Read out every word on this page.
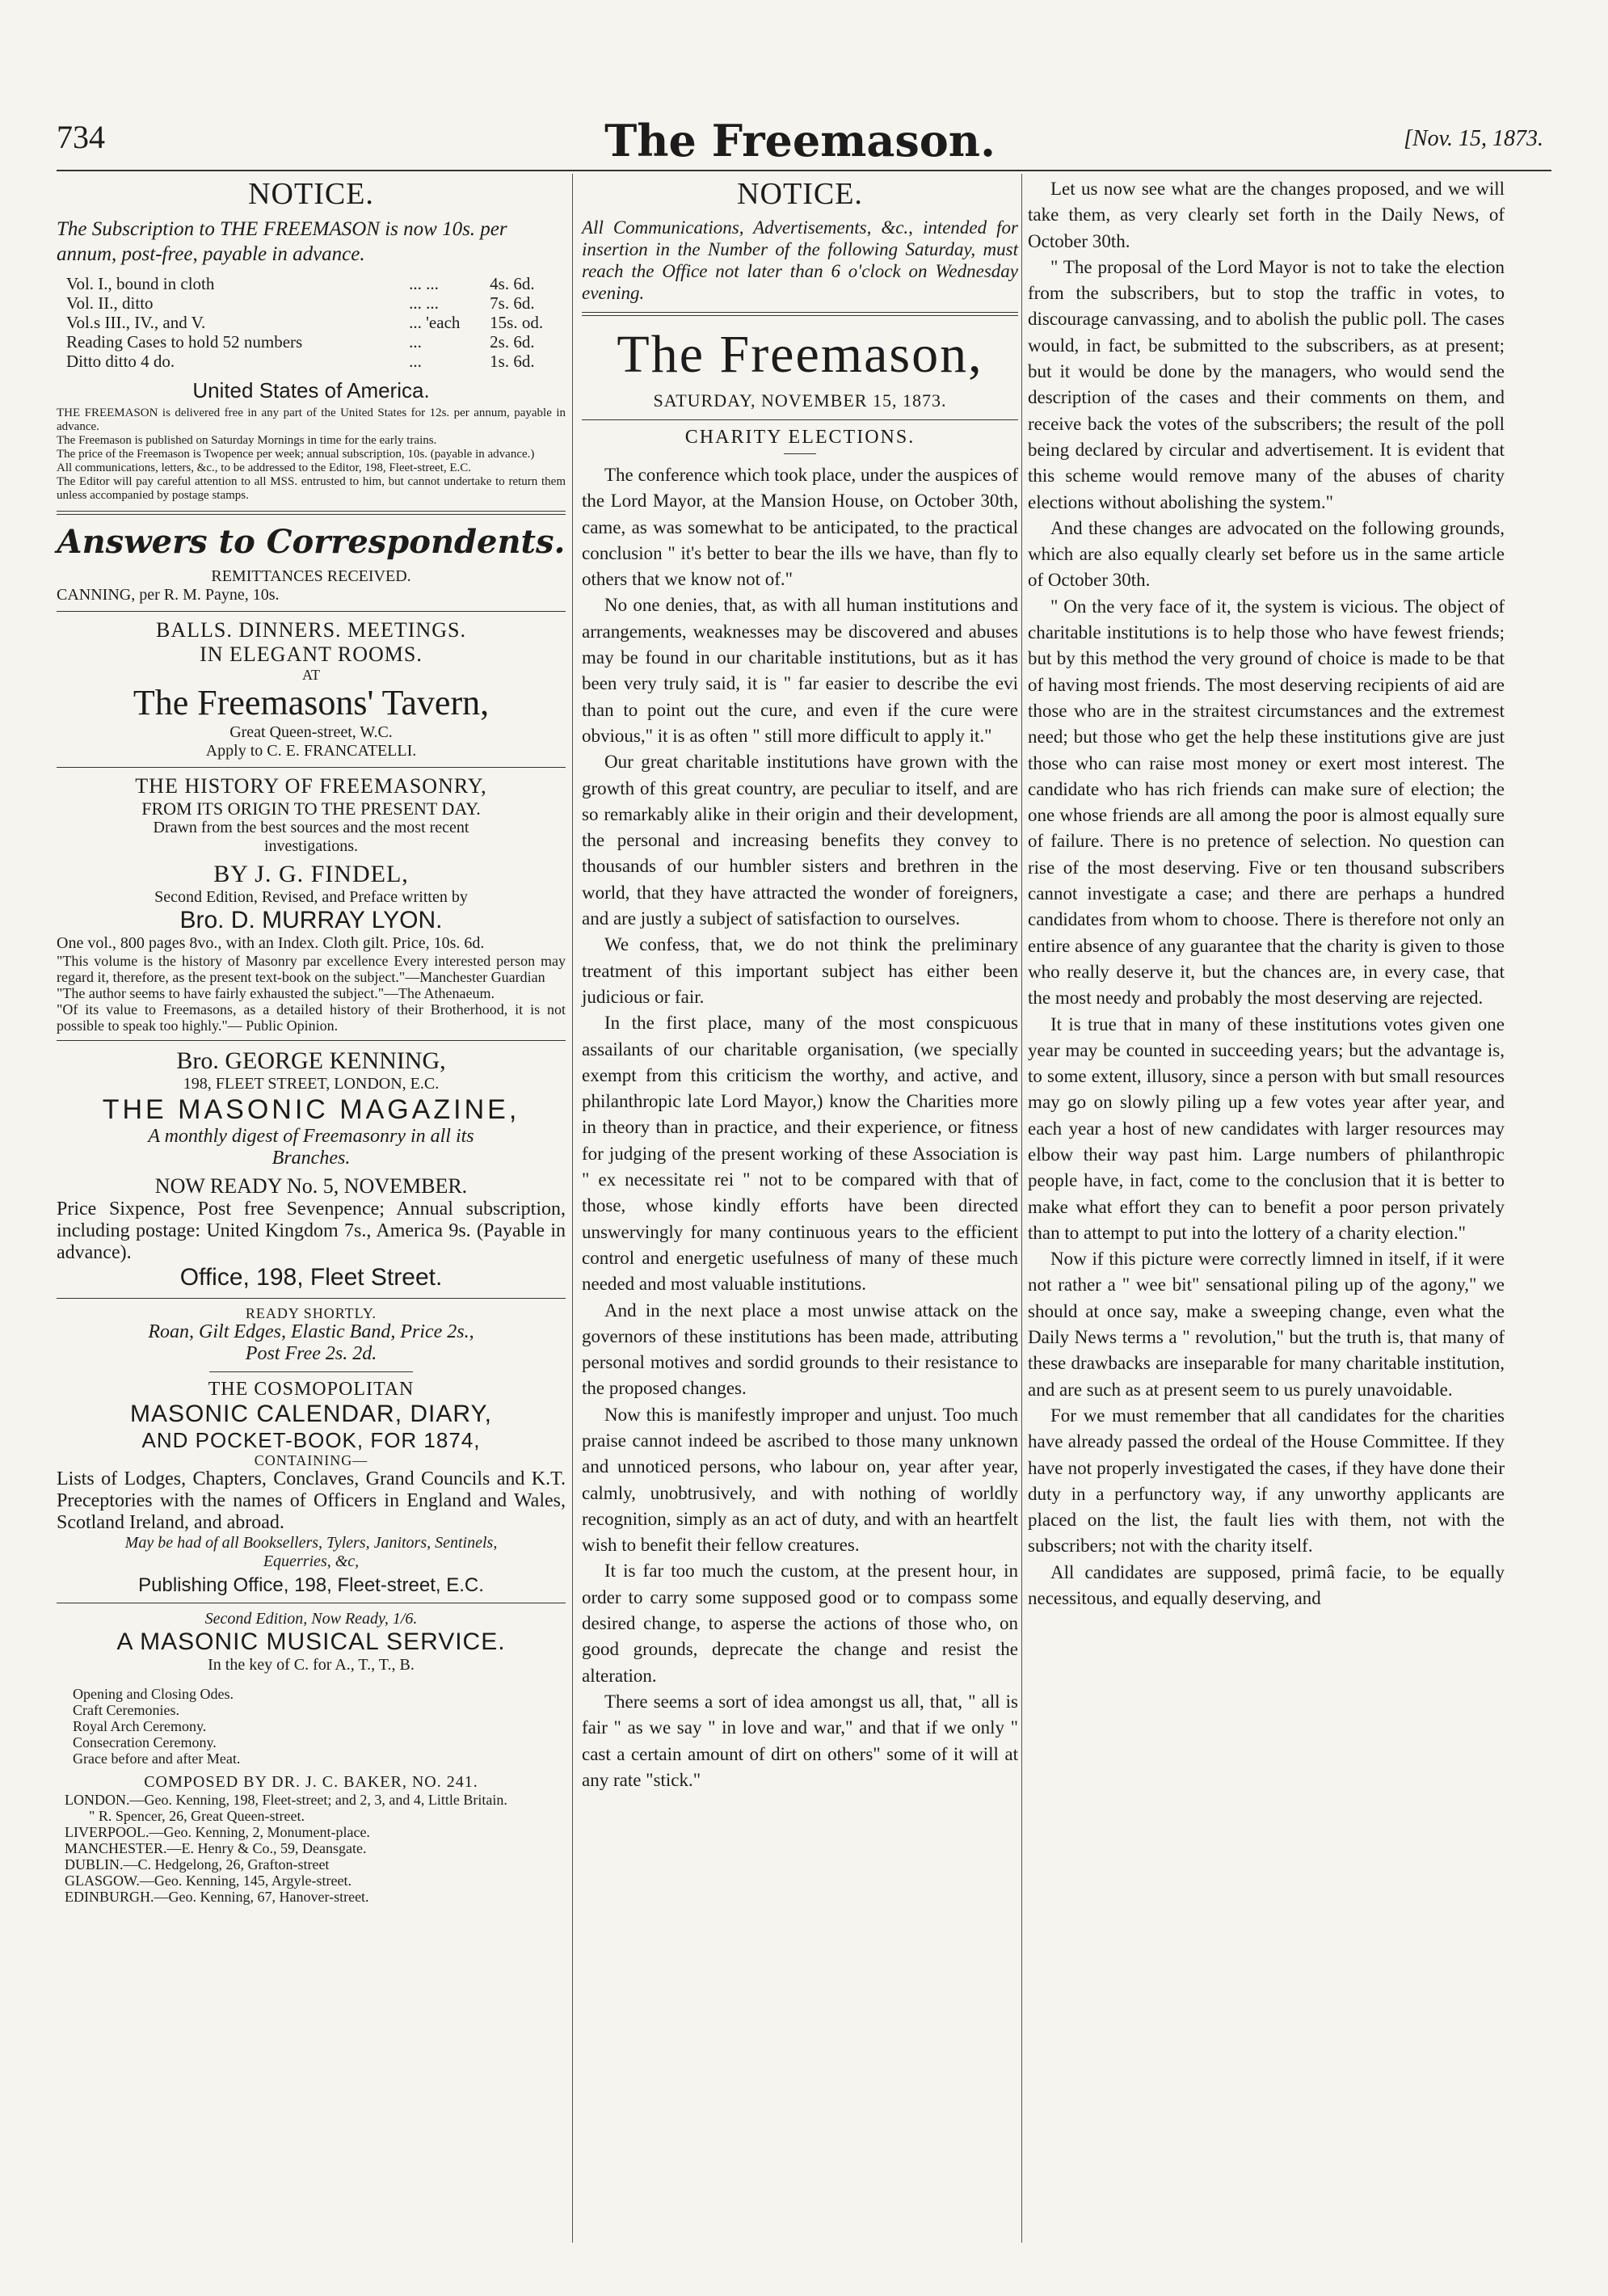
734	The Freemason.	[Nov. 15, 1873.
NOTICE.

The Subscription to THE FREEMASON is now 10s. per annum, post-free, payable in advance.

Vol. I., bound in cloth	... ...	4s. 6d.
Vol. II., ditto	... ...	7s. 6d.
Vol.s III., IV., and V.	... 'each	15s. od.
Reading Cases to hold 52 numbers	...	2s. 6d.
Ditto ditto 4 do.	...	1s. 6d.
United States of America.

THE FREEMASON is delivered free in any part of the United States for 12s. per annum, payable in advance.

The Freemason is published on Saturday Mornings in time for the early trains.

The price of the Freemason is Twopence per week; annual subscription, 10s. (payable in advance.)

All communications, letters, &c., to be addressed to the Editor, 198, Fleet-street, E.C.

The Editor will pay careful attention to all MSS. entrusted to him, but cannot undertake to return them unless accompanied by postage stamps.

Answers to Correspondents.

REMITTANCES RECEIVED.

CANNING, per R. M. Payne, 10s.

BALLS. DINNERS. MEETINGS.

IN ELEGANT ROOMS.

AT

The Freemasons' Tavern,

Great Queen-street, W.C.

Apply to C. E. FRANCATELLI.

THE HISTORY OF FREEMASONRY,

FROM ITS ORIGIN TO THE PRESENT DAY.

Drawn from the best sources and the most recent

investigations.

BY J. G. FINDEL,

Second Edition, Revised, and Preface written by

Bro. D. MURRAY LYON.

One vol., 800 pages 8vo., with an Index. Cloth gilt. Price, 10s. 6d.

"This volume is the history of Masonry par excellence Every interested person may regard it, therefore, as the present text-book on the subject."—Manchester Guardian

"The author seems to have fairly exhausted the subject."—The Athenaeum.

"Of its value to Freemasons, as a detailed history of their Brotherhood, it is not possible to speak too highly."— Public Opinion.

Bro. GEORGE KENNING,

198, FLEET STREET, LONDON, E.C.

THE MASONIC MAGAZINE,

A monthly digest of Freemasonry in all its

Branches.

NOW READY No. 5, NOVEMBER.

Price Sixpence, Post free Sevenpence; Annual subscription, including postage: United Kingdom 7s., America 9s. (Payable in advance).

Office, 198, Fleet Street.

READY SHORTLY.

Roan, Gilt Edges, Elastic Band, Price 2s.,

Post Free 2s. 2d.

THE COSMOPOLITAN

MASONIC CALENDAR, DIARY,

AND POCKET-BOOK, FOR 1874,

CONTAINING—

Lists of Lodges, Chapters, Conclaves, Grand Councils and K.T. Preceptories with the names of Officers in England and Wales, Scotland Ireland, and abroad.

May be had of all Booksellers, Tylers, Janitors, Sentinels,

Equerries, &c,

Publishing Office, 198, Fleet-street, E.C.

Second Edition, Now Ready, 1/6.

A MASONIC MUSICAL SERVICE.

In the key of C. for A., T., T., B.

Opening and Closing Odes.

Craft Ceremonies.

Royal Arch Ceremony.

Consecration Ceremony.

Grace before and after Meat.

COMPOSED BY DR. J. C. BAKER, NO. 241.

LONDON.—Geo. Kenning, 198, Fleet-street; and 2, 3, and 4, Little Britain.

" R. Spencer, 26, Great Queen-street.

LIVERPOOL.—Geo. Kenning, 2, Monument-place.

MANCHESTER.—E. Henry & Co., 59, Deansgate.

DUBLIN.—C. Hedgelong, 26, Grafton-street

GLASGOW.—Geo. Kenning, 145, Argyle-street.

EDINBURGH.—Geo. Kenning, 67, Hanover-street.

NOTICE.

All Communications, Advertisements, &c., intended for insertion in the Number of the following Saturday, must reach the Office not later than 6 o'clock on Wednesday evening.

The Freemason,
SATURDAY, NOVEMBER 15, 1873.
CHARITY ELECTIONS.

The conference which took place, under the auspices of the Lord Mayor, at the Mansion House, on October 30th, came, as was somewhat to be anticipated, to the practical conclusion " it's better to bear the ills we have, than fly to others that we know not of."

No one denies, that, as with all human institutions and arrangements, weaknesses may be discovered and abuses may be found in our charitable institutions, but as it has been very truly said, it is " far easier to describe the evi than to point out the cure, and even if the cure were obvious," it is as often " still more difficult to apply it."

Our great charitable institutions have grown with the growth of this great country, are peculiar to itself, and are so remarkably alike in their origin and their development, the personal and increasing benefits they convey to thousands of our humbler sisters and brethren in the world, that they have attracted the wonder of foreigners, and are justly a subject of satisfaction to ourselves.

We confess, that, we do not think the preliminary treatment of this important subject has either been judicious or fair.

In the first place, many of the most conspicuous assailants of our charitable organisation, (we specially exempt from this criticism the worthy, and active, and philanthropic late Lord Mayor,) know the Charities more in theory than in practice, and their experience, or fitness for judging of the present working of these Association is " ex necessitate rei " not to be compared with that of those, whose kindly efforts have been directed unswervingly for many continuous years to the efficient control and energetic usefulness of many of these much needed and most valuable institutions.

And in the next place a most unwise attack on the governors of these institutions has been made, attributing personal motives and sordid grounds to their resistance to the proposed changes.

Now this is manifestly improper and unjust. Too much praise cannot indeed be ascribed to those many unknown and unnoticed persons, who labour on, year after year, calmly, unobtrusively, and with nothing of worldly recognition, simply as an act of duty, and with an heartfelt wish to benefit their fellow creatures.

It is far too much the custom, at the present hour, in order to carry some supposed good or to compass some desired change, to asperse the actions of those who, on good grounds, deprecate the change and resist the alteration.

There seems a sort of idea amongst us all, that, " all is fair " as we say " in love and war," and that if we only " cast a certain amount of dirt on others" some of it will at any rate "stick."

Let us now see what are the changes proposed, and we will take them, as very clearly set forth in the Daily News, of October 30th.

" The proposal of the Lord Mayor is not to take the election from the subscribers, but to stop the traffic in votes, to discourage canvassing, and to abolish the public poll. The cases would, in fact, be submitted to the subscribers, as at present; but it would be done by the managers, who would send the description of the cases and their comments on them, and receive back the votes of the subscribers; the result of the poll being declared by circular and advertisement. It is evident that this scheme would remove many of the abuses of charity elections without abolishing the system."

And these changes are advocated on the following grounds, which are also equally clearly set before us in the same article of October 30th.

" On the very face of it, the system is vicious. The object of charitable institutions is to help those who have fewest friends; but by this method the very ground of choice is made to be that of having most friends. The most deserving recipients of aid are those who are in the straitest circumstances and the extremest need; but those who get the help these institutions give are just those who can raise most money or exert most interest. The candidate who has rich friends can make sure of election; the one whose friends are all among the poor is almost equally sure of failure. There is no pretence of selection. No question can rise of the most deserving. Five or ten thousand subscribers cannot investigate a case; and there are perhaps a hundred candidates from whom to choose. There is therefore not only an entire absence of any guarantee that the charity is given to those who really deserve it, but the chances are, in every case, that the most needy and probably the most deserving are rejected.

It is true that in many of these institutions votes given one year may be counted in succeeding years; but the advantage is, to some extent, illusory, since a person with but small resources may go on slowly piling up a few votes year after year, and each year a host of new candidates with larger resources may elbow their way past him. Large numbers of philanthropic people have, in fact, come to the conclusion that it is better to make what effort they can to benefit a poor person privately than to attempt to put into the lottery of a charity election."

Now if this picture were correctly limned in itself, if it were not rather a " wee bit" sensational piling up of the agony," we should at once say, make a sweeping change, even what the Daily News terms a " revolution," but the truth is, that many of these drawbacks are inseparable for many charitable institution, and are such as at present seem to us purely unavoidable.

For we must remember that all candidates for the charities have already passed the ordeal of the House Committee. If they have not properly investigated the cases, if they have done their duty in a perfunctory way, if any unworthy applicants are placed on the list, the fault lies with them, not with the subscribers; not with the charity itself.

All candidates are supposed, primâ facie, to be equally necessitous, and equally deserving, and
